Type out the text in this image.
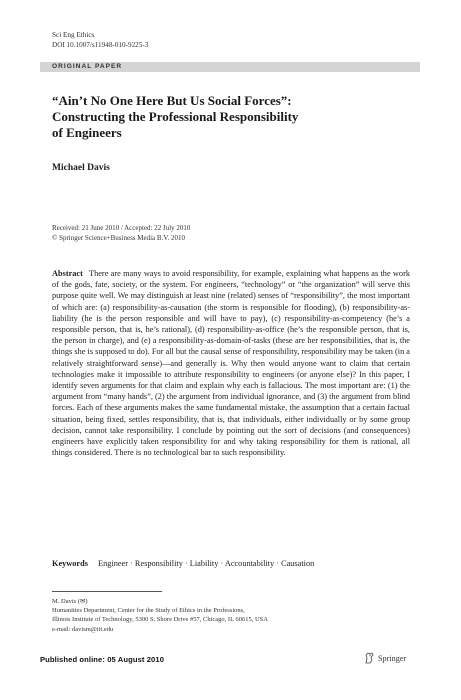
Sci Eng Ethics
DOI 10.1007/s11948-010-9225-3
ORIGINAL PAPER
“Ain’t No One Here But Us Social Forces”:
Constructing the Professional Responsibility
of Engineers
Michael Davis
Received: 21 June 2010 / Accepted: 22 July 2010
© Springer Science+Business Media B.V. 2010
Abstract There are many ways to avoid responsibility, for example, explaining what happens as the work of the gods, fate, society, or the system. For engineers, “technology” or “the organization” will serve this purpose quite well. We may distinguish at least nine (related) senses of “responsibility”, the most important of which are: (a) responsibility-as-causation (the storm is responsible for flooding), (b) responsibility-as-liability (he is the person responsible and will have to pay), (c) responsibility-as-competency (he’s a responsible person, that is, he’s rational), (d) responsibility-as-office (he’s the responsible person, that is, the person in charge), and (e) a responsibility-as-domain-of-tasks (these are her responsibilities, that is, the things she is supposed to do). For all but the causal sense of responsibility, responsibility may be taken (in a relatively straightforward sense)—and generally is. Why then would anyone want to claim that certain technologies make it impossible to attribute responsibility to engineers (or anyone else)? In this paper, I identify seven arguments for that claim and explain why each is fallacious. The most important are: (1) the argument from “many hands”, (2) the argument from individual ignorance, and (3) the argument from blind forces. Each of these arguments makes the same fundamental mistake, the assumption that a certain factual situation, being fixed, settles responsibility, that is, that individuals, either individually or by some group decision, cannot take responsibility. I conclude by pointing out the sort of decisions (and consequences) engineers have explicitly taken responsibility for and why taking responsibility for them is rational, all things considered. There is no technological bar to such responsibility.
Keywords Engineer · Responsibility · Liability · Accountability · Causation
M. Davis (✉)
Humanities Department, Center for the Study of Ethics in the Professions,
Illinois Institute of Technology, 5300 S. Shore Drive #57, Chicago, IL 60615, USA
e-mail: davism@iit.edu
Published online: 05 August 2010	Springer
